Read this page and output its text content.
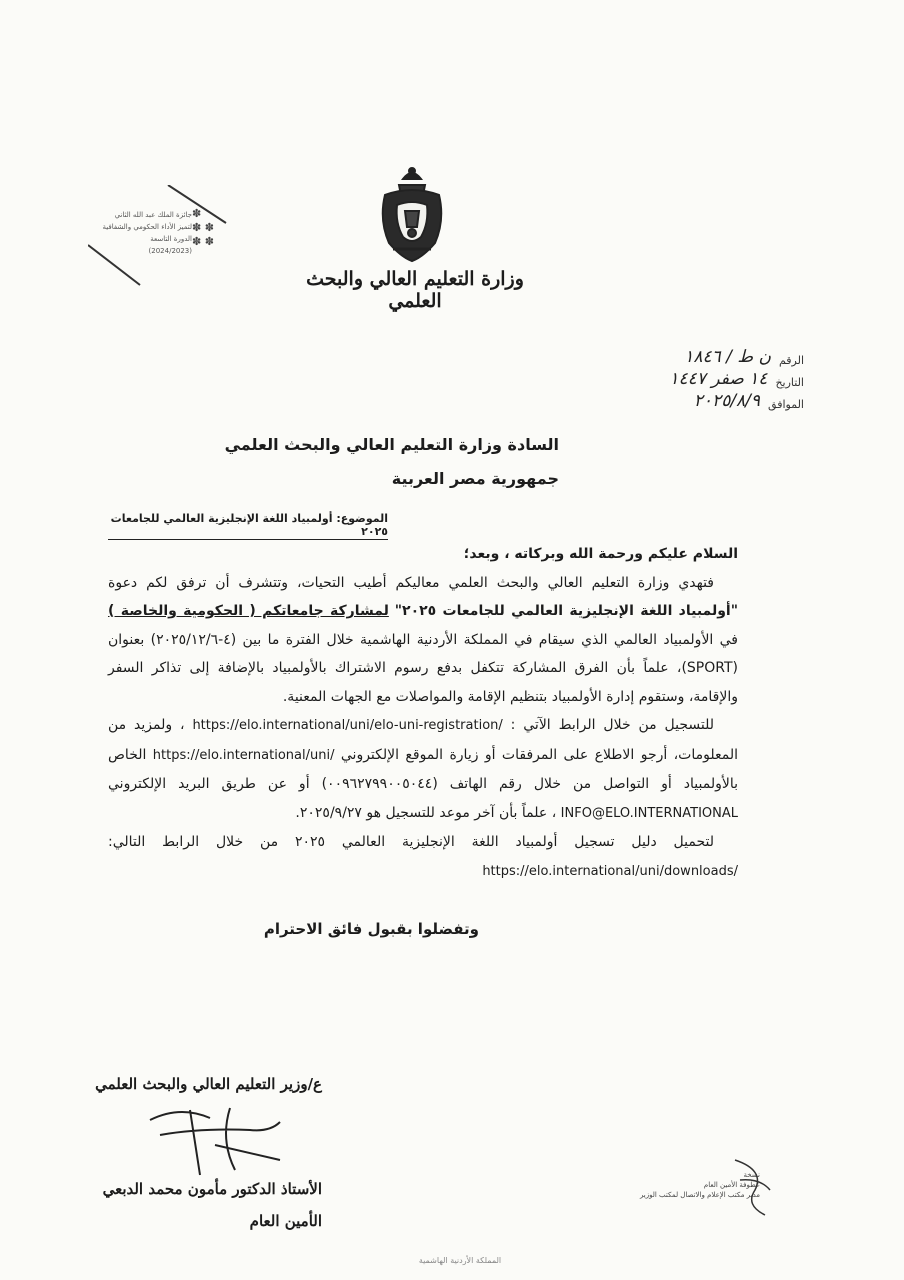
وزارة التعليم العالي والبحث العلمي
جائزة الملك عبد الله الثاني
لتميز الأداء الحكومي والشفافية
الدورة التاسعة
(2024/2023)
✽
✽ ✽
✽ ✽
الرقم
ن ط / ١٨٤٦
التاريخ
١٤ صفر ١٤٤٧
الموافق
٢٠٢٥/٨/٩
السادة وزارة التعليم العالي والبحث العلمي
جمهورية مصر العربية
الموضوع: أولمبياد اللغة الإنجليزية العالمي للجامعات ٢٠٢٥

السلام عليكم ورحمة الله وبركاته ، وبعد؛

فتهدي وزارة التعليم العالي والبحث العلمي معاليكم أطيب التحيات، وتتشرف أن ترفق لكم دعوة "أولمبياد اللغة الإنجليزية العالمي للجامعات ٢٠٢٥" لمشاركة جامعاتكم ( الحكومية والخاصة ) في الأولمبياد العالمي الذي سيقام في المملكة الأردنية الهاشمية خلال الفترة ما بين (٤-٢٠٢٥/١٢/٦) بعنوان (SPORT)، علماً بأن الفرق المشاركة تتكفل بدفع رسوم الاشتراك بالأولمبياد بالإضافة إلى تذاكر السفر والإقامة، وستقوم إدارة الأولمبياد بتنظيم الإقامة والمواصلات مع الجهات المعنية.

للتسجيل من خلال الرابط الآتي : https://elo.international/uni/elo-uni-registration/ ، ولمزيد من المعلومات، أرجو الاطلاع على المرفقات أو زيارة الموقع الإلكتروني https://elo.international/uni/ الخاص بالأولمبياد أو التواصل من خلال رقم الهاتف (٠٠٩٦٢٧٩٩٠٠٥٠٤٤) أو عن طريق البريد الإلكتروني INFO@ELO.INTERNATIONAL ، علماً بأن آخر موعد للتسجيل هو ٢٠٢٥/٩/٢٧.

لتحميل دليل تسجيل أولمبياد اللغة الإنجليزية العالمي ٢٠٢٥ من خلال الرابط التالي: https://elo.international/uni/downloads/

وتفضلوا بقبول فائق الاحترام
ع/وزير التعليم العالي والبحث العلمي
الأستاذ الدكتور مأمون محمد الدبعي
الأمين العام
نسخة
عطوفة الأمين العام
مدير مكتب الإعلام والاتصال لمكتب الوزير
المملكة الأردنية الهاشمية
